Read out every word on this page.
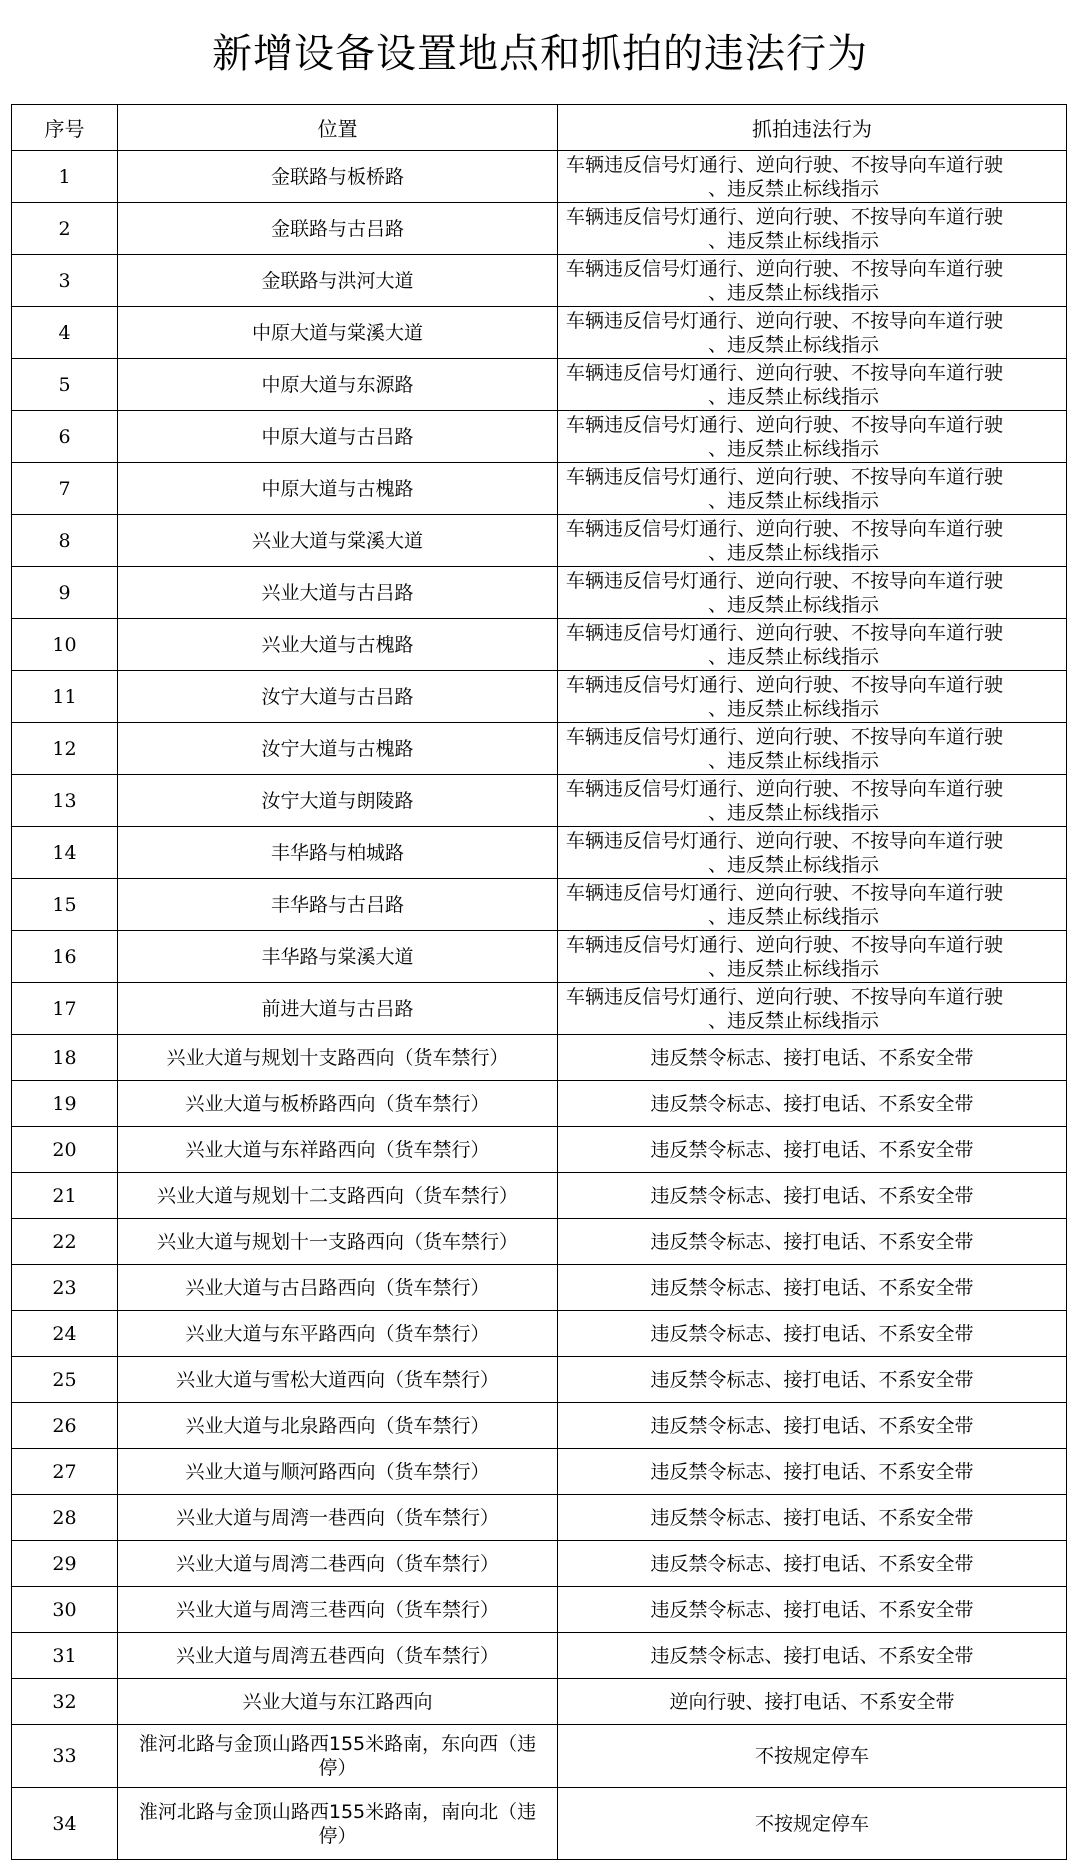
新增设备设置地点和抓拍的违法行为
序号	位置	抓拍违法行为
1	金联路与板桥路	车辆违反信号灯通行、逆向行驶、不按导向车道行驶
、违反禁止标线指示

2	金联路与古吕路	车辆违反信号灯通行、逆向行驶、不按导向车道行驶
、违反禁止标线指示

3	金联路与洪河大道	车辆违反信号灯通行、逆向行驶、不按导向车道行驶
、违反禁止标线指示

4	中原大道与棠溪大道	车辆违反信号灯通行、逆向行驶、不按导向车道行驶
、违反禁止标线指示

5	中原大道与东源路	车辆违反信号灯通行、逆向行驶、不按导向车道行驶
、违反禁止标线指示

6	中原大道与古吕路	车辆违反信号灯通行、逆向行驶、不按导向车道行驶
、违反禁止标线指示

7	中原大道与古槐路	车辆违反信号灯通行、逆向行驶、不按导向车道行驶
、违反禁止标线指示

8	兴业大道与棠溪大道	车辆违反信号灯通行、逆向行驶、不按导向车道行驶
、违反禁止标线指示

9	兴业大道与古吕路	车辆违反信号灯通行、逆向行驶、不按导向车道行驶
、违反禁止标线指示

10	兴业大道与古槐路	车辆违反信号灯通行、逆向行驶、不按导向车道行驶
、违反禁止标线指示

11	汝宁大道与古吕路	车辆违反信号灯通行、逆向行驶、不按导向车道行驶
、违反禁止标线指示

12	汝宁大道与古槐路	车辆违反信号灯通行、逆向行驶、不按导向车道行驶
、违反禁止标线指示

13	汝宁大道与朗陵路	车辆违反信号灯通行、逆向行驶、不按导向车道行驶
、违反禁止标线指示

14	丰华路与柏城路	车辆违反信号灯通行、逆向行驶、不按导向车道行驶
、违反禁止标线指示

15	丰华路与古吕路	车辆违反信号灯通行、逆向行驶、不按导向车道行驶
、违反禁止标线指示

16	丰华路与棠溪大道	车辆违反信号灯通行、逆向行驶、不按导向车道行驶
、违反禁止标线指示

17	前进大道与古吕路	车辆违反信号灯通行、逆向行驶、不按导向车道行驶
、违反禁止标线指示

18	兴业大道与规划十支路西向（货车禁行）	违反禁令标志、接打电话、不系安全带
19	兴业大道与板桥路西向（货车禁行）	违反禁令标志、接打电话、不系安全带
20	兴业大道与东祥路西向（货车禁行）	违反禁令标志、接打电话、不系安全带
21	兴业大道与规划十二支路西向（货车禁行）	违反禁令标志、接打电话、不系安全带
22	兴业大道与规划十一支路西向（货车禁行）	违反禁令标志、接打电话、不系安全带
23	兴业大道与古吕路西向（货车禁行）	违反禁令标志、接打电话、不系安全带
24	兴业大道与东平路西向（货车禁行）	违反禁令标志、接打电话、不系安全带
25	兴业大道与雪松大道西向（货车禁行）	违反禁令标志、接打电话、不系安全带
26	兴业大道与北泉路西向（货车禁行）	违反禁令标志、接打电话、不系安全带
27	兴业大道与顺河路西向（货车禁行）	违反禁令标志、接打电话、不系安全带
28	兴业大道与周湾一巷西向（货车禁行）	违反禁令标志、接打电话、不系安全带
29	兴业大道与周湾二巷西向（货车禁行）	违反禁令标志、接打电话、不系安全带
30	兴业大道与周湾三巷西向（货车禁行）	违反禁令标志、接打电话、不系安全带
31	兴业大道与周湾五巷西向（货车禁行）	违反禁令标志、接打电话、不系安全带
32	兴业大道与东江路西向	逆向行驶、接打电话、不系安全带
33	淮河北路与金顶山路西155米路南，东向西（违停）	不按规定停车
34	淮河北路与金顶山路西155米路南，南向北（违停）	不按规定停车
